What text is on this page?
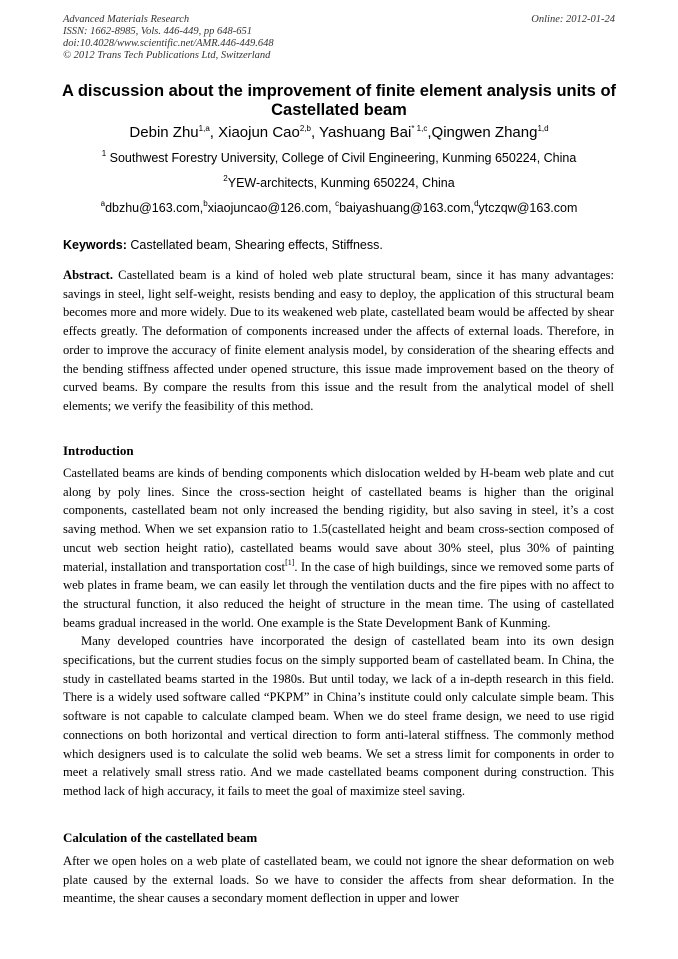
Advanced Materials Research
ISSN: 1662-8985, Vols. 446-449, pp 648-651
doi:10.4028/www.scientific.net/AMR.446-449.648
© 2012 Trans Tech Publications Ltd, Switzerland
Online: 2012-01-24
A discussion about the improvement of finite element analysis units of Castellated beam
Debin Zhu$^{1,a}$, Xiaojun Cao$^{2,b}$, Yashuang Bai$^{* 1,c}$,Qingwen Zhang$^{1,d}$
$^1$ Southwest Forestry University, College of Civil Engineering, Kunming 650224, China
$^2$YEW-architects, Kunming 650224, China
$^a$dbzhu@163.com,$^b$xiaojuncao@126.com, $^c$baiyashuang@163.com,$^d$ytczqw@163.com
Keywords: Castellated beam, Shearing effects, Stiffness.

Abstract. Castellated beam is a kind of holed web plate structural beam, since it has many advantages: savings in steel, light self-weight, resists bending and easy to deploy, the application of this structural beam becomes more and more widely. Due to its weakened web plate, castellated beam would be affected by shear effects greatly. The deformation of components increased under the affects of external loads. Therefore, in order to improve the accuracy of finite element analysis model, by consideration of the shearing effects and the bending stiffness affected under opened structure, this issue made improvement based on the theory of curved beams. By compare the results from this issue and the result from the analytical model of shell elements; we verify the feasibility of this method.

Introduction

Castellated beams are kinds of bending components which dislocation welded by H-beam web plate and cut along by poly lines. Since the cross-section height of castellated beams is higher than the original components, castellated beam not only increased the bending rigidity, but also saving in steel, it’s a cost saving method. When we set expansion ratio to 1.5(castellated height and beam cross-section composed of uncut web section height ratio), castellated beams would save about 30% steel, plus 30% of painting material, installation and transportation cost[1]. In the case of high buildings, since we removed some parts of web plates in frame beam, we can easily let through the ventilation ducts and the fire pipes with no affect to the structural function, it also reduced the height of structure in the mean time. The using of castellated beams gradual increased in the world. One example is the State Development Bank of Kunming.

Many developed countries have incorporated the design of castellated beam into its own design specifications, but the current studies focus on the simply supported beam of castellated beam. In China, the study in castellated beams started in the 1980s. But until today, we lack of a in-depth research in this field. There is a widely used software called “PKPM” in China’s institute could only calculate simple beam. This software is not capable to calculate clamped beam. When we do steel frame design, we need to use rigid connections on both horizontal and vertical direction to form anti-lateral stiffness. The commonly method which designers used is to calculate the solid web beams. We set a stress limit for components in order to meet a relatively small stress ratio. And we made castellated beams component during construction. This method lack of high accuracy, it fails to meet the goal of maximize steel saving.

Calculation of the castellated beam

After we open holes on a web plate of castellated beam, we could not ignore the shear deformation on web plate caused by the external loads. So we have to consider the affects from shear deformation. In the meantime, the shear causes a secondary moment deflection in upper and lower
